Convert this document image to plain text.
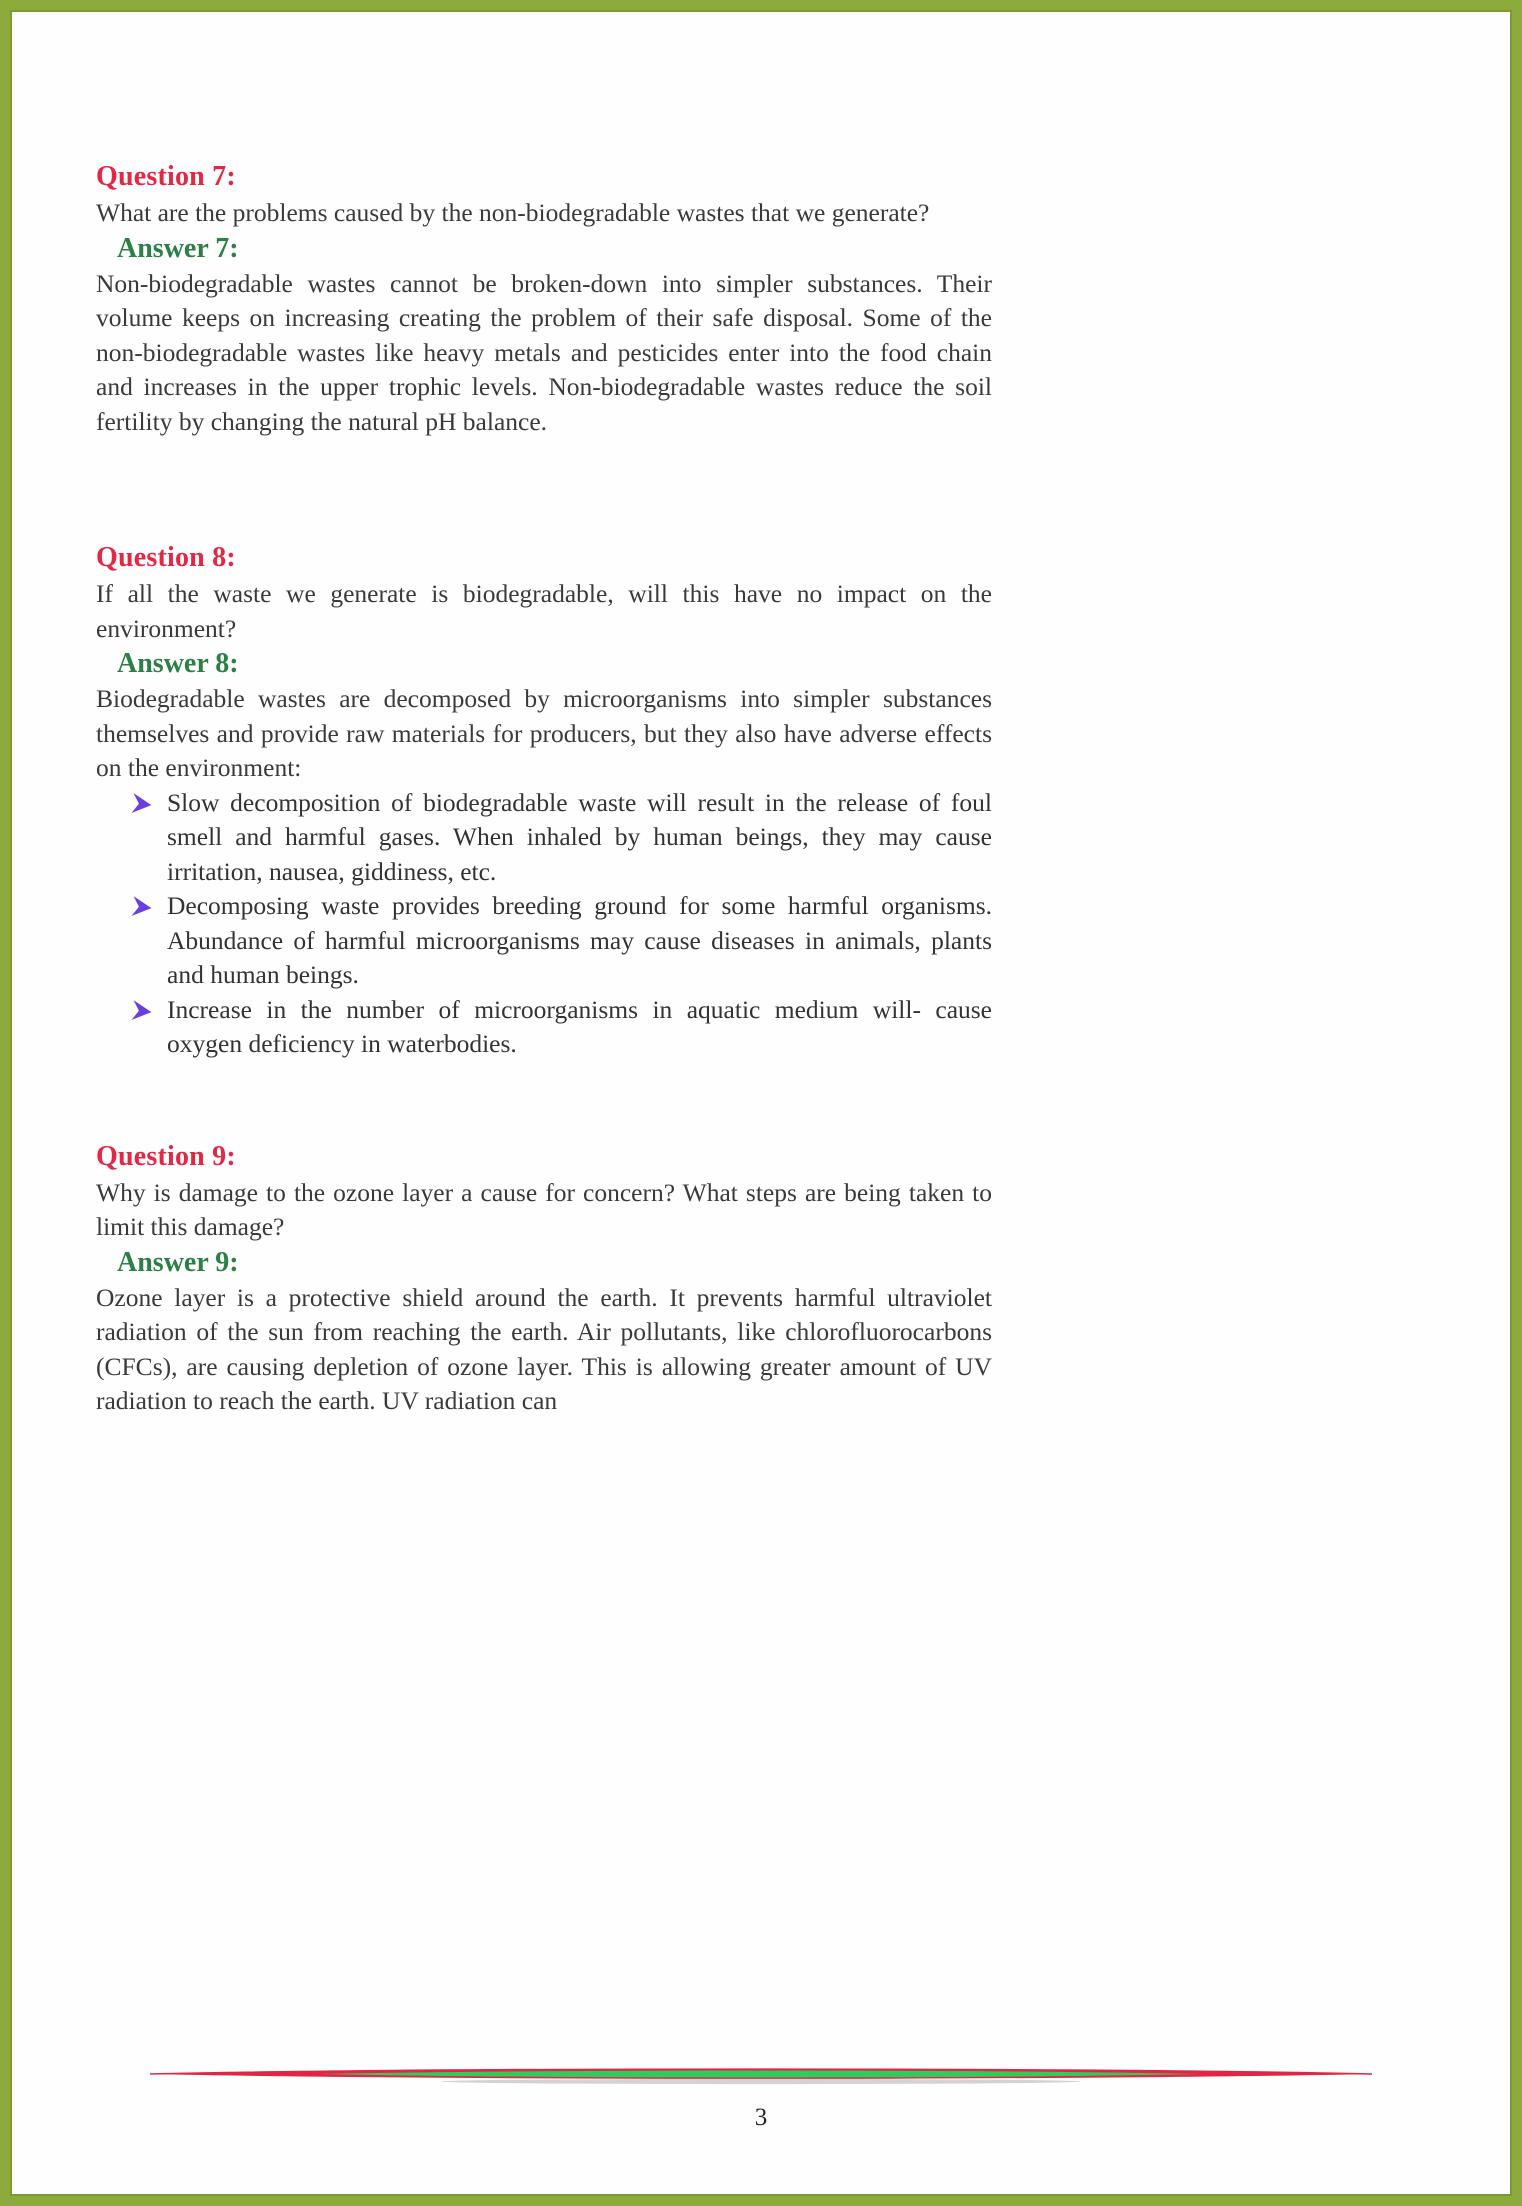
Question 7:

What are the problems caused by the non-biodegradable wastes that we generate?

Answer 7:

Non-biodegradable wastes cannot be broken-down into simpler substances. Their volume keeps on increasing creating the problem of their safe disposal. Some of the non-biodegradable wastes like heavy metals and pesticides enter into the food chain and increases in the upper trophic levels. Non-biodegradable wastes reduce the soil fertility by changing the natural pH balance.

Question 8:

If all the waste we generate is biodegradable, will this have no impact on the environment?

Answer 8:

Biodegradable wastes are decomposed by microorganisms into simpler substances themselves and provide raw materials for producers, but they also have adverse effects on the environment:

Slow decomposition of biodegradable waste will result in the release of foul smell and harmful gases. When inhaled by human beings, they may cause irritation, nausea, giddiness, etc.
Decomposing waste provides breeding ground for some harmful organisms. Abundance of harmful microorganisms may cause diseases in animals, plants and human beings.
Increase in the number of microorganisms in aquatic medium will- cause oxygen deficiency in waterbodies.
Question 9:

Why is damage to the ozone layer a cause for concern? What steps are being taken to limit this damage?

Answer 9:

Ozone layer is a protective shield around the earth. It prevents harmful ultraviolet radiation of the sun from reaching the earth. Air pollutants, like chlorofluorocarbons (CFCs), are causing depletion of ozone layer. This is allowing greater amount of UV radiation to reach the earth. UV radiation can

3
